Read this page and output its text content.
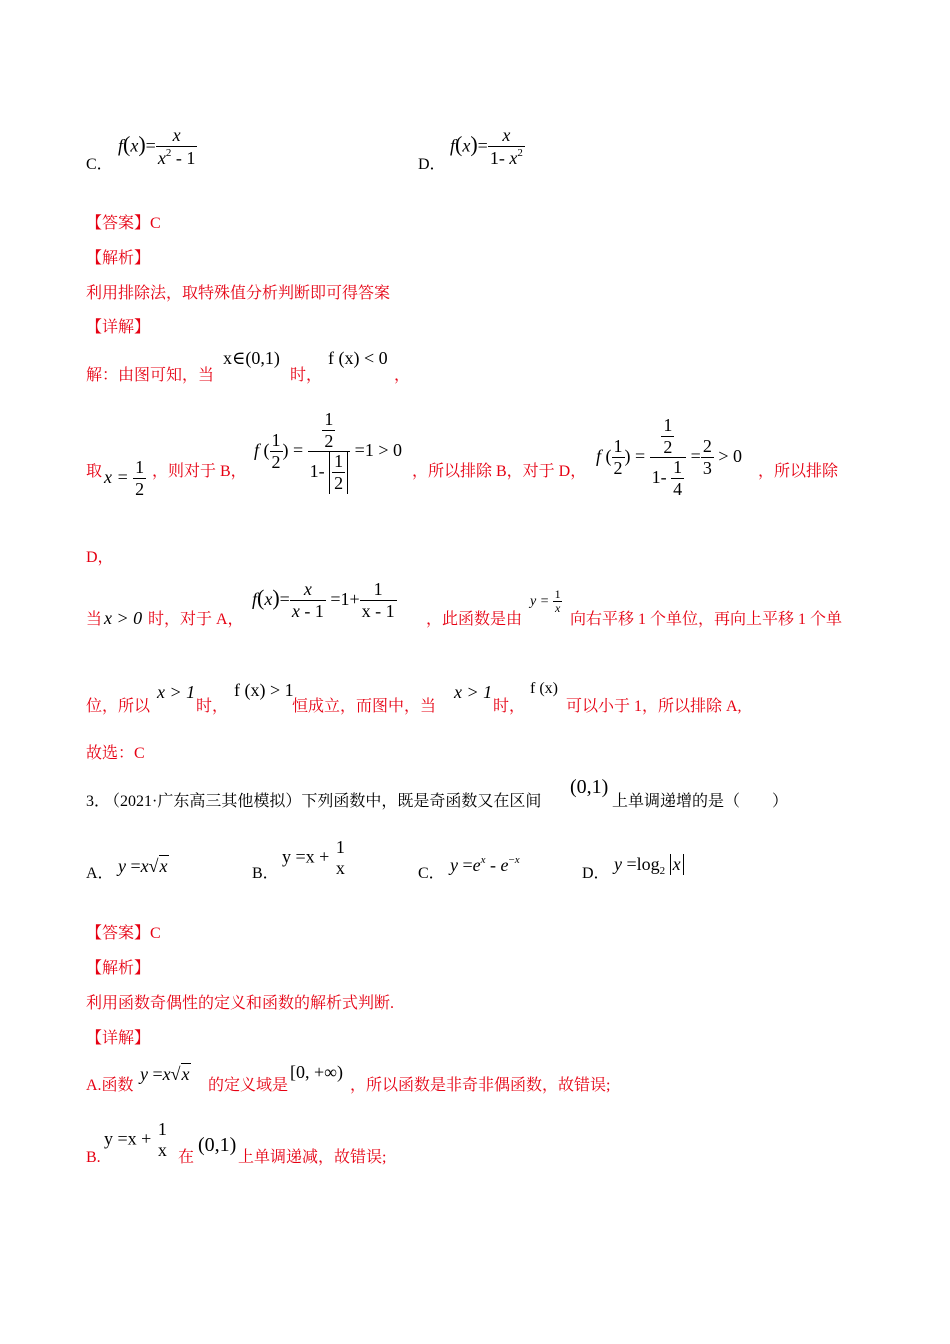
C．
$f(x)= \frac{x}{x^2 - 1}$	D．
$f(x)= \frac{x}{1- x^2}$
【答案】C
【解析】
利用排除法，取特殊值分析判断即可得答案
【详解】
解：由图可知，当
x∈(0,1)
时，
f (x) < 0
，
取 $x = \frac{1}{2}$ ，则对于 B，
f ( $\frac{1}{2}$ ) = $\frac{\frac{1}{2}}{1- \frac{1}{2}} =1 > 0$
，所以排除 B，对于 D，
f ( $\frac{1}{2}$ ) = $\frac{\frac{1}{2}}{1- \frac{1}{4}} = \frac{2}{3} > 0$
，所以排除
D，
当 x > 0 时，对于 A，
$f(x)= \frac{x}{x - 1} =1+ \frac{1}{x - 1}$ ，此函数是由
$y = \frac{1}{x}$
向右平移 1 个单位，再向上平移 1 个单
位，所以
x > 1
时，
f (x) > 1
恒成立，而图中，当
x > 1
时，
f (x)
可以小于 1，所以排除 A,
故选：C
3．
（2021·广东高三其他模拟）下列函数中，既是奇函数又在区间
(0,1)
上单调递增的是（　　）
A． y =x√x	B．
y =x + 1
x	C． $y =e^x - e^{-x}$
D． $y =\log_2$ x
【答案】C
【解析】
利用函数奇偶性的定义和函数的解析式判断.
【详解】
A.函数
y =x√x
的定义域是
[0, +∞)
，所以函数是非奇非偶函数，故错误;
B.
y =x + 1
x 在
(0,1)
上单调递减，故错误;
